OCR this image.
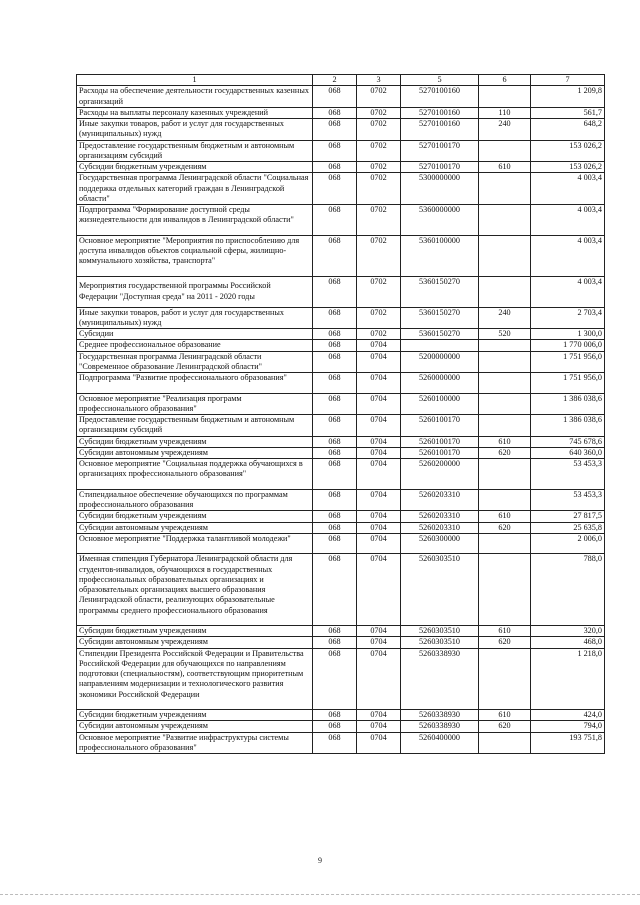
1	2	3	5	6	7
Расходы на обеспечение деятельности государственных казенных организаций	068	0702	5270100160		1 209,8
Расходы на выплаты персоналу казенных учреждений	068	0702	5270100160	110	561,7
Иные закупки товаров, работ и услуг для государственных (муниципальных) нужд	068	0702	5270100160	240	648,2
Предоставление государственным бюджетным и автономным организациям субсидий	068	0702	5270100170		153 026,2
Субсидии бюджетным учреждениям	068	0702	5270100170	610	153 026,2
Государственная программа Ленинградской области "Социальная поддержка отдельных категорий граждан в Ленинградской области"	068	0702	5300000000		4 003,4
Подпрограмма "Формирование доступной среды жизнедеятельности для инвалидов в Ленинградской области"	068	0702	5360000000		4 003,4
Основное мероприятие "Мероприятия по приспособлению для доступа инвалидов объектов социальной сферы, жилищно-коммунального хозяйства, транспорта"	068	0702	5360100000		4 003,4
Мероприятия государственной программы Российской Федерации "Доступная среда" на 2011 - 2020 годы	068	0702	5360150270		4 003,4
Иные закупки товаров, работ и услуг для государственных (муниципальных) нужд	068	0702	5360150270	240	2 703,4
Субсидии	068	0702	5360150270	520	1 300,0
Среднее профессиональное образование	068	0704			1 770 006,0
Государственная программа Ленинградской области "Современное образование Ленинградской области"	068	0704	5200000000		1 751 956,0
Подпрограмма "Развитие профессионального образования"	068	0704	5260000000		1 751 956,0
Основное мероприятие "Реализация программ профессионального образования"	068	0704	5260100000		1 386 038,6
Предоставление государственным бюджетным и автономным организациям субсидий	068	0704	5260100170		1 386 038,6
Субсидии бюджетным учреждениям	068	0704	5260100170	610	745 678,6
Субсидии автономным учреждениям	068	0704	5260100170	620	640 360,0
Основное мероприятие "Социальная поддержка обучающихся в организациях профессионального образования"	068	0704	5260200000		53 453,3
Стипендиальное обеспечение обучающихся по программам профессионального образования	068	0704	5260203310		53 453,3
Субсидии бюджетным учреждениям	068	0704	5260203310	610	27 817,5
Субсидии автономным учреждениям	068	0704	5260203310	620	25 635,8
Основное мероприятие "Поддержка талантливой молодежи"	068	0704	5260300000		2 006,0
Именная стипендия Губернатора Ленинградской области для студентов-инвалидов, обучающихся в государственных профессиональных образовательных организациях и образовательных организациях высшего образования Ленинградской области, реализующих образовательные программы среднего профессионального образования	068	0704	5260303510		788,0
Субсидии бюджетным учреждениям	068	0704	5260303510	610	320,0
Субсидии автономным учреждениям	068	0704	5260303510	620	468,0
Стипендии Президента Российской Федерации и Правительства Российской Федерации для обучающихся по направлениям подготовки (специальностям), соответствующим приоритетным направлениям модернизации и технологического развития экономики Российской Федерации	068	0704	5260338930		1 218,0
Субсидии бюджетным учреждениям	068	0704	5260338930	610	424,0
Субсидии автономным учреждениям	068	0704	5260338930	620	794,0
Основное мероприятие "Развитие инфраструктуры системы профессионального образования"	068	0704	5260400000		193 751,8
9
